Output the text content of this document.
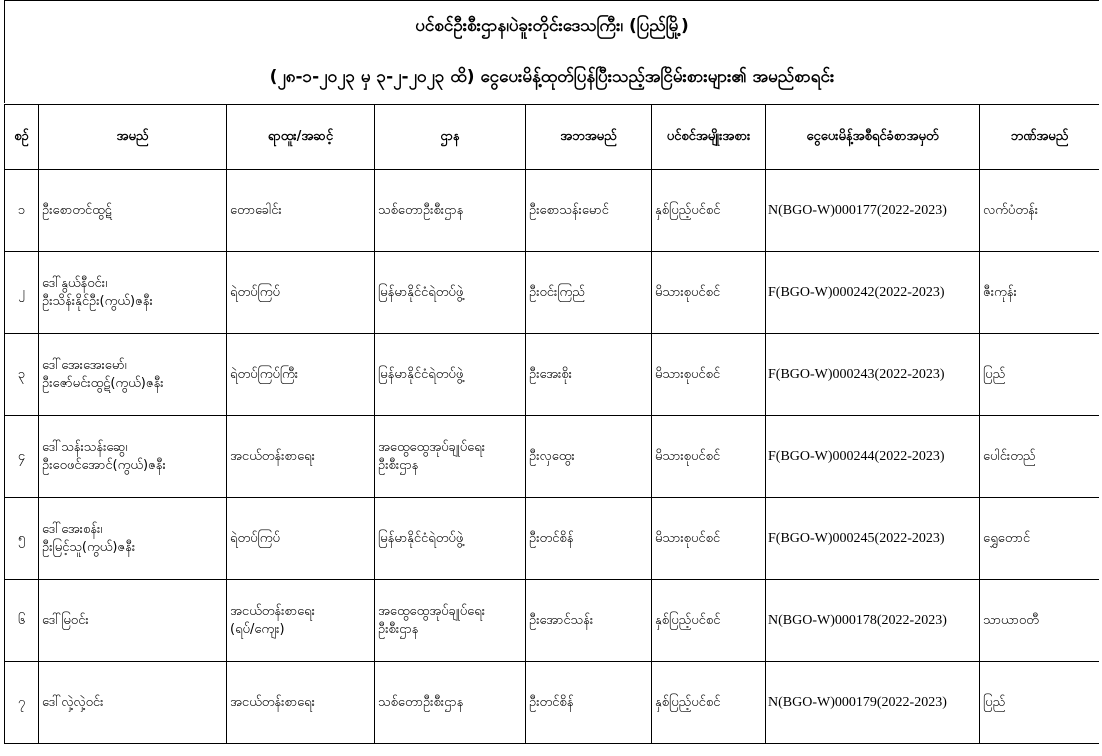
ပင်စင်ဦးစီးဌာန၊ပဲခူးတိုင်းဒေသကြီး၊ (ပြည်မြို့)
(၂၈-၁-၂၀၂၃ မှ ၃-၂-၂၀၂၃ ထိ) ငွေပေးမိန့်ထုတ်ပြန်ပြီးသည့်အငြိမ်းစားများ၏ အမည်စာရင်း
စဉ်	အမည်	ရာထူး/အဆင့်	ဌာန	အဘအမည်	ပင်စင်အမျိုးအစား	ငွေပေးမိန့်အစီရင်ခံစာအမှတ်	ဘဏ်အမည်
၁	ဦးစောတင်ထွဋ်	တောခေါင်း	သစ်တောဦးစီးဌာန	ဦးစောသန်းမောင်	နှစ်ပြည့်ပင်စင်	N(BGO-W)000177(2022-2023)	လက်ပံတန်း
၂	ဒေါ်နွယ်နီဝင်း၊
ဦးသိန်းနိုင်ဦး(ကွယ်)ဇနီး	ရဲတပ်ကြပ်	မြန်မာနိုင်ငံရဲတပ်ဖွဲ့	ဦးဝင်းကြည်	မိသားစုပင်စင်	F(BGO-W)000242(2022-2023)	ဇီးကုန်း
၃	ဒေါ်အေးအေးမော်၊
ဦးဇော်မင်းထွဋ်(ကွယ်)ဇနီး	ရဲတပ်ကြပ်ကြီး	မြန်မာနိုင်ငံရဲတပ်ဖွဲ့	ဦးအေးစိုး	မိသားစုပင်စင်	F(BGO-W)000243(2022-2023)	ပြည်
၄	ဒေါ်သန်းသန်းဆွေ၊
ဦးဝေဖင်အောင်(ကွယ်)ဇနီး	အငယ်တန်းစာရေး	အထွေထွေအုပ်ချုပ်ရေး
ဦးစီးဌာန	ဦးလှထွေး	မိသားစုပင်စင်	F(BGO-W)000244(2022-2023)	ပေါင်းတည်
၅	ဒေါ်အေးစန်း၊
ဦးမြင့်သူ(ကွယ်)ဇနီး	ရဲတပ်ကြပ်	မြန်မာနိုင်ငံရဲတပ်ဖွဲ့	ဦးတင်စိန်	မိသားစုပင်စင်	F(BGO-W)000245(2022-2023)	ရွှေတောင်
၆	ဒေါ်မြဝင်း	အငယ်တန်းစာရေး
(ရပ်/ကျေး)	အထွေထွေအုပ်ချုပ်ရေး
ဦးစီးဌာန	ဦးအောင်သန်း	နှစ်ပြည့်ပင်စင်	N(BGO-W)000178(2022-2023)	သာယာဝတီ
၇	ဒေါ်လှဲ့လှဲ့ဝင်း	အငယ်တန်းစာရေး	သစ်တောဦးစီးဌာန	ဦးတင်စိန်	နှစ်ပြည့်ပင်စင်	N(BGO-W)000179(2022-2023)	ပြည်
